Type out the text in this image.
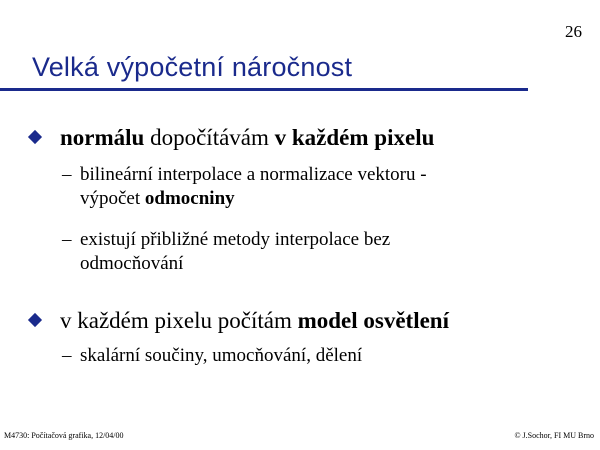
26
Velká výpočetní náročnost
normálu dopočítávám v každém pixelu
– bilineární interpolace a normalizace vektoru -
výpočet odmocniny
– existují přibližné metody interpolace bez
odmocňování
v každém pixelu počítám model osvětlení
– skalární součiny, umocňování, dělení
M4730: Počítačová grafika, 12/04/00	© J.Sochor, FI MU Brno
